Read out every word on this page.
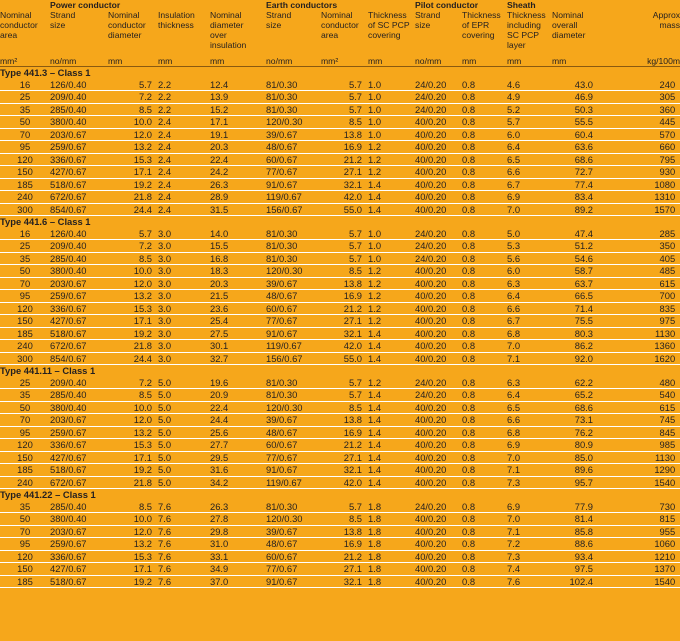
	Power conductor				Earth conductors			Pilot conductor		Sheath			
Nominal
conductor
area	Strand
size	Nominal
conductor
diameter	Insulation
thickness	Nominal
diameter
over
insulation	Strand
size	Nominal
conductor
area	Thickness
of SC PCP
covering	Strand
size	Thickness
of EPR
covering	Thickness
including
SC PCP
layer	Nominal
overall
diameter	Approx
mass	
mm²	no/mm	mm	mm	mm	no/mm	mm²	mm	no/mm	mm	mm	mm	kg/100m	
Type 441.3 – Class 1												
16	126/0.40	5.7	2.2	12.4	81/0.30	5.7	1.0	24/0.20	0.8	4.6	43.0	240
25	209/0.40	7.2	2.2	13.9	81/0.30	5.7	1.0	24/0.20	0.8	4.9	46.9	305
35	285/0.40	8.5	2.2	15.2	81/0.30	5.7	1.0	24/0.20	0.8	5.2	50.3	360
50	380/0.40	10.0	2.4	17.1	120/0.30	8.5	1.0	40/0.20	0.8	5.7	55.5	445
70	203/0.67	12.0	2.4	19.1	39/0.67	13.8	1.0	40/0.20	0.8	6.0	60.4	570
95	259/0.67	13.2	2.4	20.3	48/0.67	16.9	1.2	40/0.20	0.8	6.4	63.6	660
120	336/0.67	15.3	2.4	22.4	60/0.67	21.2	1.2	40/0.20	0.8	6.5	68.6	795
150	427/0.67	17.1	2.4	24.2	77/0.67	27.1	1.2	40/0.20	0.8	6.6	72.7	930
185	518/0.67	19.2	2.4	26.3	91/0.67	32.1	1.4	40/0.20	0.8	6.7	77.4	1080
240	672/0.67	21.8	2.4	28.9	119/0.67	42.0	1.4	40/0.20	0.8	6.9	83.4	1310
300	854/0.67	24.4	2.4	31.5	156/0.67	55.0	1.4	40/0.20	0.8	7.0	89.2	1570
Type 441.6 – Class 1												
16	126/0.40	5.7	3.0	14.0	81/0.30	5.7	1.0	24/0.20	0.8	5.0	47.4	285
25	209/0.40	7.2	3.0	15.5	81/0.30	5.7	1.0	24/0.20	0.8	5.3	51.2	350
35	285/0.40	8.5	3.0	16.8	81/0.30	5.7	1.0	24/0.20	0.8	5.6	54.6	405
50	380/0.40	10.0	3.0	18.3	120/0.30	8.5	1.2	40/0.20	0.8	6.0	58.7	485
70	203/0.67	12.0	3.0	20.3	39/0.67	13.8	1.2	40/0.20	0.8	6.3	63.7	615
95	259/0.67	13.2	3.0	21.5	48/0.67	16.9	1.2	40/0.20	0.8	6.4	66.5	700
120	336/0.67	15.3	3.0	23.6	60/0.67	21.2	1.2	40/0.20	0.8	6.6	71.4	835
150	427/0.67	17.1	3.0	25.4	77/0.67	27.1	1.2	40/0.20	0.8	6.7	75.5	975
185	518/0.67	19.2	3.0	27.5	91/0.67	32.1	1.4	40/0.20	0.8	6.8	80.3	1130
240	672/0.67	21.8	3.0	30.1	119/0.67	42.0	1.4	40/0.20	0.8	7.0	86.2	1360
300	854/0.67	24.4	3.0	32.7	156/0.67	55.0	1.4	40/0.20	0.8	7.1	92.0	1620
Type 441.11 – Class 1												
25	209/0.40	7.2	5.0	19.6	81/0.30	5.7	1.2	24/0.20	0.8	6.3	62.2	480
35	285/0.40	8.5	5.0	20.9	81/0.30	5.7	1.4	24/0.20	0.8	6.4	65.2	540
50	380/0.40	10.0	5.0	22.4	120/0.30	8.5	1.4	40/0.20	0.8	6.5	68.6	615
70	203/0.67	12.0	5.0	24.4	39/0.67	13.8	1.4	40/0.20	0.8	6.6	73.1	745
95	259/0.67	13.2	5.0	25.6	48/0.67	16.9	1.4	40/0.20	0.8	6.8	76.2	845
120	336/0.67	15.3	5.0	27.7	60/0.67	21.2	1.4	40/0.20	0.8	6.9	80.9	985
150	427/0.67	17.1	5.0	29.5	77/0.67	27.1	1.4	40/0.20	0.8	7.0	85.0	1130
185	518/0.67	19.2	5.0	31.6	91/0.67	32.1	1.4	40/0.20	0.8	7.1	89.6	1290
240	672/0.67	21.8	5.0	34.2	119/0.67	42.0	1.4	40/0.20	0.8	7.3	95.7	1540
Type 441.22 – Class 1												
35	285/0.40	8.5	7.6	26.3	81/0.30	5.7	1.8	24/0.20	0.8	6.9	77.9	730
50	380/0.40	10.0	7.6	27.8	120/0.30	8.5	1.8	40/0.20	0.8	7.0	81.4	815
70	203/0.67	12.0	7.6	29.8	39/0.67	13.8	1.8	40/0.20	0.8	7.1	85.8	955
95	259/0.67	13.2	7.6	31.0	48/0.67	16.9	1.8	40/0.20	0.8	7.2	88.6	1060
120	336/0.67	15.3	7.6	33.1	60/0.67	21.2	1.8	40/0.20	0.8	7.3	93.4	1210
150	427/0.67	17.1	7.6	34.9	77/0.67	27.1	1.8	40/0.20	0.8	7.4	97.5	1370
185	518/0.67	19.2	7.6	37.0	91/0.67	32.1	1.8	40/0.20	0.8	7.6	102.4	1540
